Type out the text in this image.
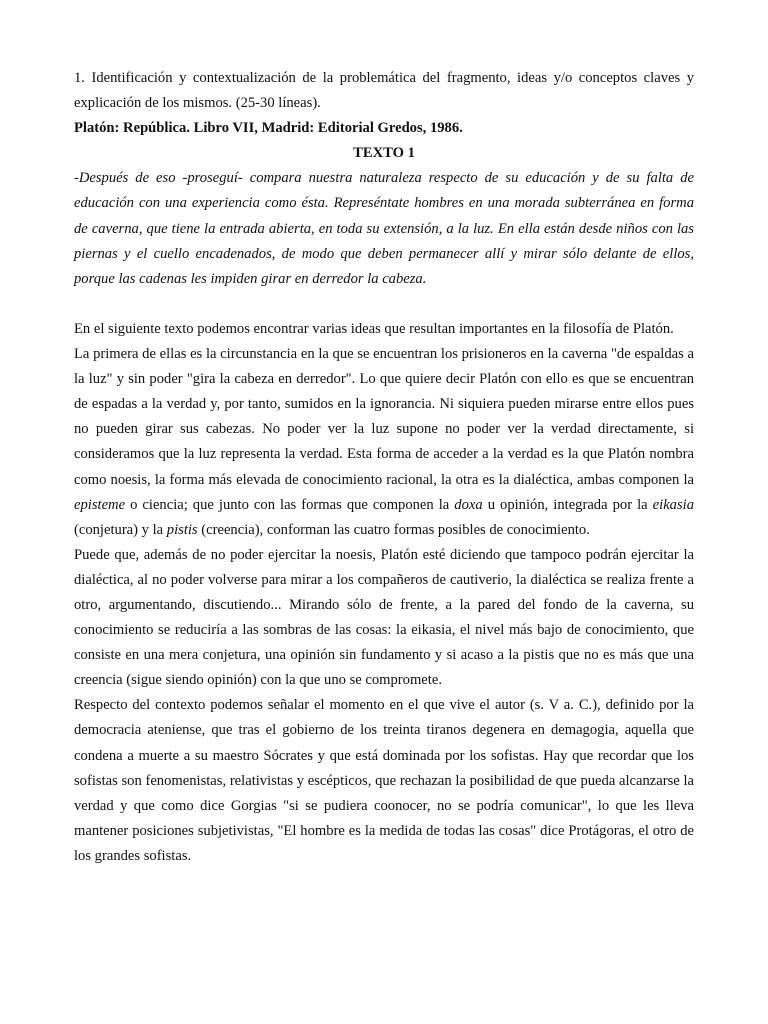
1. Identificación y contextualización de la problemática del fragmento, ideas y/o conceptos claves y explicación de los mismos. (25-30 líneas).

Platón: República. Libro VII, Madrid: Editorial Gredos, 1986.

TEXTO 1

-Después de eso -proseguí- compara nuestra naturaleza respecto de su educación y de su falta de educación con una experiencia como ésta. Represéntate hombres en una morada subterránea en forma de caverna, que tiene la entrada abierta, en toda su extensión, a la luz. En ella están desde niños con las piernas y el cuello encadenados, de modo que deben permanecer allí y mirar sólo delante de ellos, porque las cadenas les impiden girar en derredor la cabeza.

En el siguiente texto podemos encontrar varias ideas que resultan importantes en la filosofía de Platón.

La primera de ellas es la circunstancia en la que se encuentran los prisioneros en la caverna "de espaldas a la luz" y sin poder "gira la cabeza en derredor". Lo que quiere decir Platón con ello es que se encuentran de espadas a la verdad y, por tanto, sumidos en la ignorancia. Ni siquiera pueden mirarse entre ellos pues no pueden girar sus cabezas. No poder ver la luz supone no poder ver la verdad directamente, si consideramos que la luz representa la verdad. Esta forma de acceder a la verdad es la que Platón nombra como noesis, la forma más elevada de conocimiento racional, la otra es la dialéctica, ambas componen la episteme o ciencia; que junto con las formas que componen la doxa u opinión, integrada por la eikasia (conjetura) y la pistis (creencia), conforman las cuatro formas posibles de conocimiento.

Puede que, además de no poder ejercitar la noesis, Platón esté diciendo que tampoco podrán ejercitar la dialéctica, al no poder volverse para mirar a los compañeros de cautiverio, la dialéctica se realiza frente a otro, argumentando, discutiendo... Mirando sólo de frente, a la pared del fondo de la caverna, su conocimiento se reduciría a las sombras de las cosas: la eikasia, el nivel más bajo de conocimiento, que consiste en una mera conjetura, una opinión sin fundamento y si acaso a la pistis que no es más que una creencia (sigue siendo opinión) con la que uno se compromete.

Respecto del contexto podemos señalar el momento en el que vive el autor (s. V a. C.), definido por la democracia ateniense, que tras el gobierno de los treinta tiranos degenera en demagogia, aquella que condena a muerte a su maestro Sócrates y que está dominada por los sofistas. Hay que recordar que los sofistas son fenomenistas, relativistas y escépticos, que rechazan la posibilidad de que pueda alcanzarse la verdad y que como dice Gorgias "si se pudiera coonocer, no se podría comunicar", lo que les lleva mantener posiciones subjetivistas, "El hombre es la medida de todas las cosas" dice Protágoras, el otro de los grandes sofistas.
